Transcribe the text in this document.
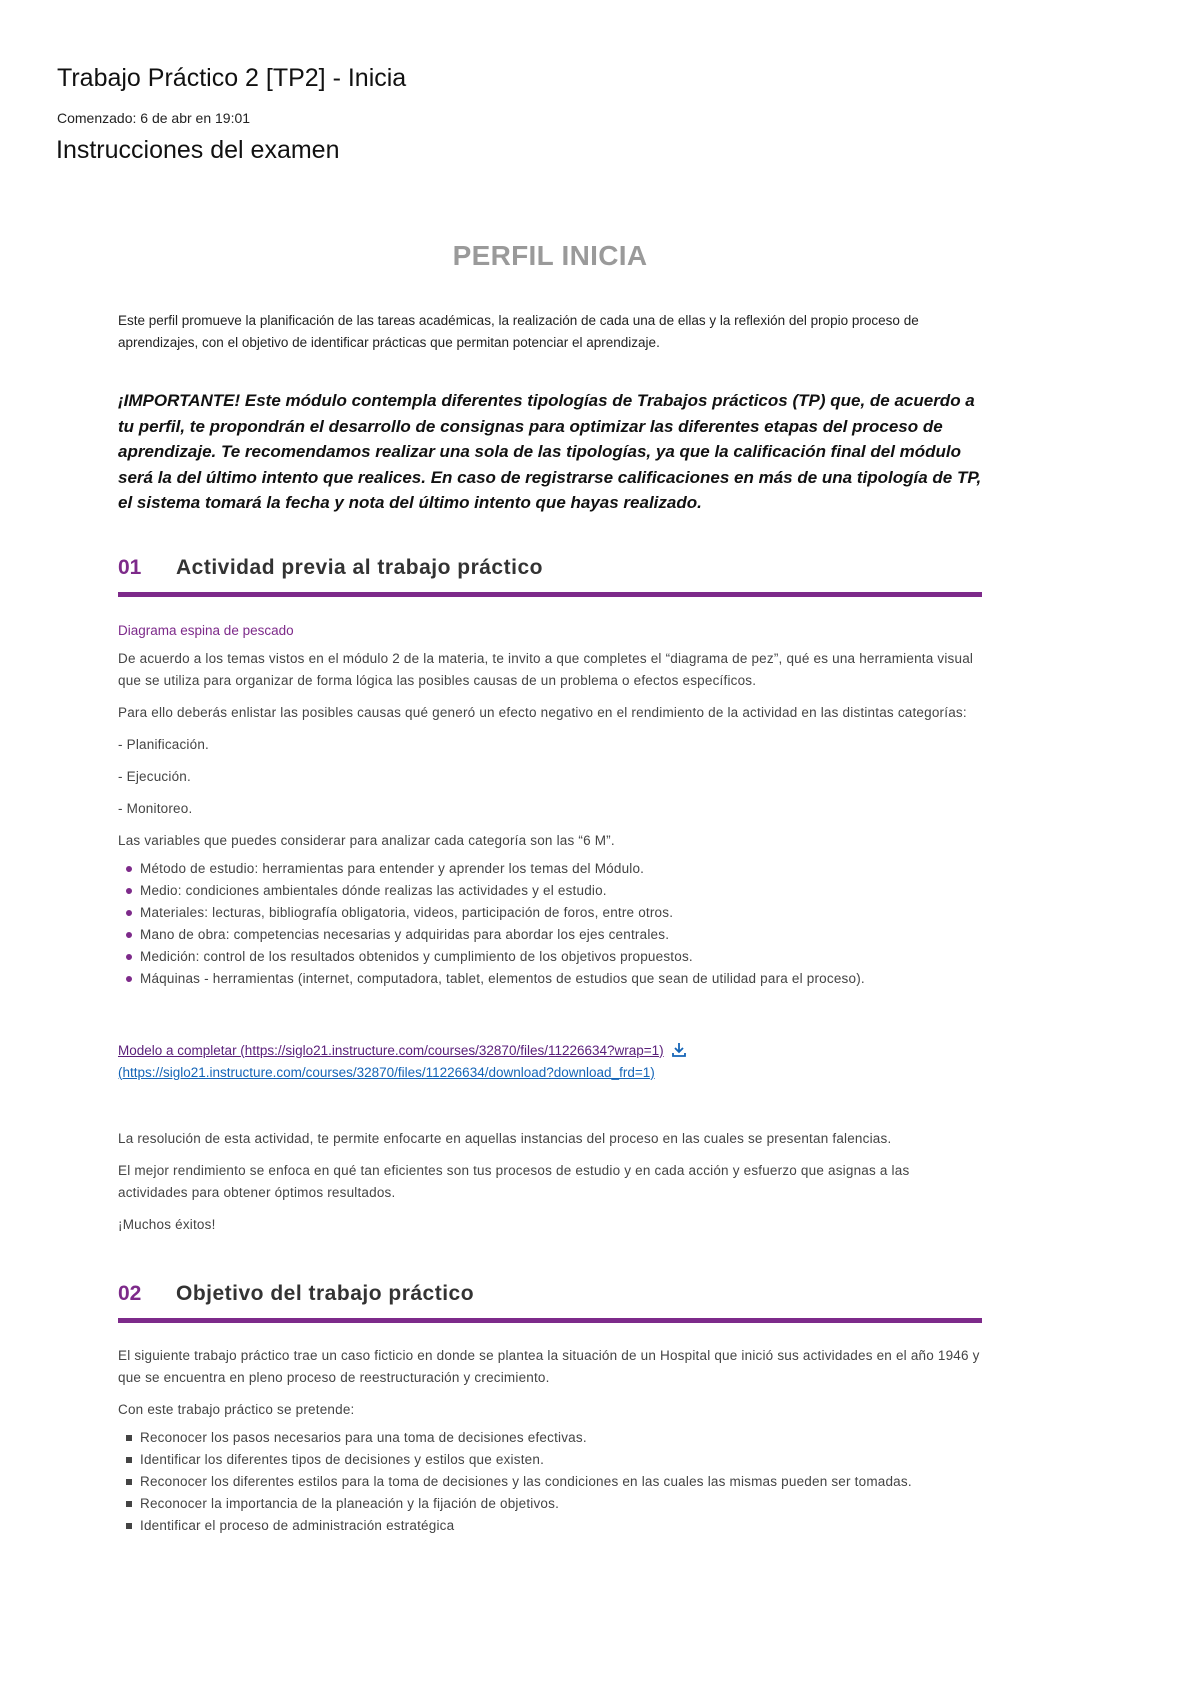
Trabajo Práctico 2 [TP2] - Inicia

Comenzado: 6 de abr en 19:01

Instrucciones del examen
PERFIL INICIA

Este perfil promueve la planificación de las tareas académicas, la realización de cada una de ellas y la reflexión del propio proceso de aprendizajes, con el objetivo de identificar prácticas que permitan potenciar el aprendizaje.

¡IMPORTANTE! Este módulo contempla diferentes tipologías de Trabajos prácticos (TP) que, de acuerdo a tu perfil, te propondrán el desarrollo de consignas para optimizar las diferentes etapas del proceso de aprendizaje. Te recomendamos realizar una sola de las tipologías, ya que la calificación final del módulo será la del último intento que realices. En caso de registrarse calificaciones en más de una tipología de TP, el sistema tomará la fecha y nota del último intento que hayas realizado.

01	Actividad previa al trabajo práctico

Diagrama espina de pescado

De acuerdo a los temas vistos en el módulo 2 de la materia, te invito a que completes el “diagrama de pez”, qué es una herramienta visual que se utiliza para organizar de forma lógica las posibles causas de un problema o efectos específicos.

Para ello deberás enlistar las posibles causas qué generó un efecto negativo en el rendimiento de la actividad en las distintas categorías:

- Planificación.

- Ejecución.

- Monitoreo.

Las variables que puedes considerar para analizar cada categoría son las “6 M”.

Método de estudio: herramientas para entender y aprender los temas del Módulo.
Medio: condiciones ambientales dónde realizas las actividades y el estudio.
Materiales: lecturas, bibliografía obligatoria, videos, participación de foros, entre otros.
Mano de obra: competencias necesarias y adquiridas para abordar los ejes centrales.
Medición: control de los resultados obtenidos y cumplimiento de los objetivos propuestos.
Máquinas - herramientas (internet, computadora, tablet, elementos de estudios que sean de utilidad para el proceso).
Modelo a completar (https://siglo21.instructure.com/courses/32870/files/11226634?wrap=1)
(https://siglo21.instructure.com/courses/32870/files/11226634/download?download_frd=1)

La resolución de esta actividad, te permite enfocarte en aquellas instancias del proceso en las cuales se presentan falencias.

El mejor rendimiento se enfoca en qué tan eficientes son tus procesos de estudio y en cada acción y esfuerzo que asignas a las actividades para obtener óptimos resultados.

¡Muchos éxitos!

02	Objetivo del trabajo práctico

El siguiente trabajo práctico trae un caso ficticio en donde se plantea la situación de un Hospital que inició sus actividades en el año 1946 y que se encuentra en pleno proceso de reestructuración y crecimiento.

Con este trabajo práctico se pretende:

Reconocer los pasos necesarios para una toma de decisiones efectivas.
Identificar los diferentes tipos de decisiones y estilos que existen.
Reconocer los diferentes estilos para la toma de decisiones y las condiciones en las cuales las mismas pueden ser tomadas.
Reconocer la importancia de la planeación y la fijación de objetivos.
Identificar el proceso de administración estratégica
